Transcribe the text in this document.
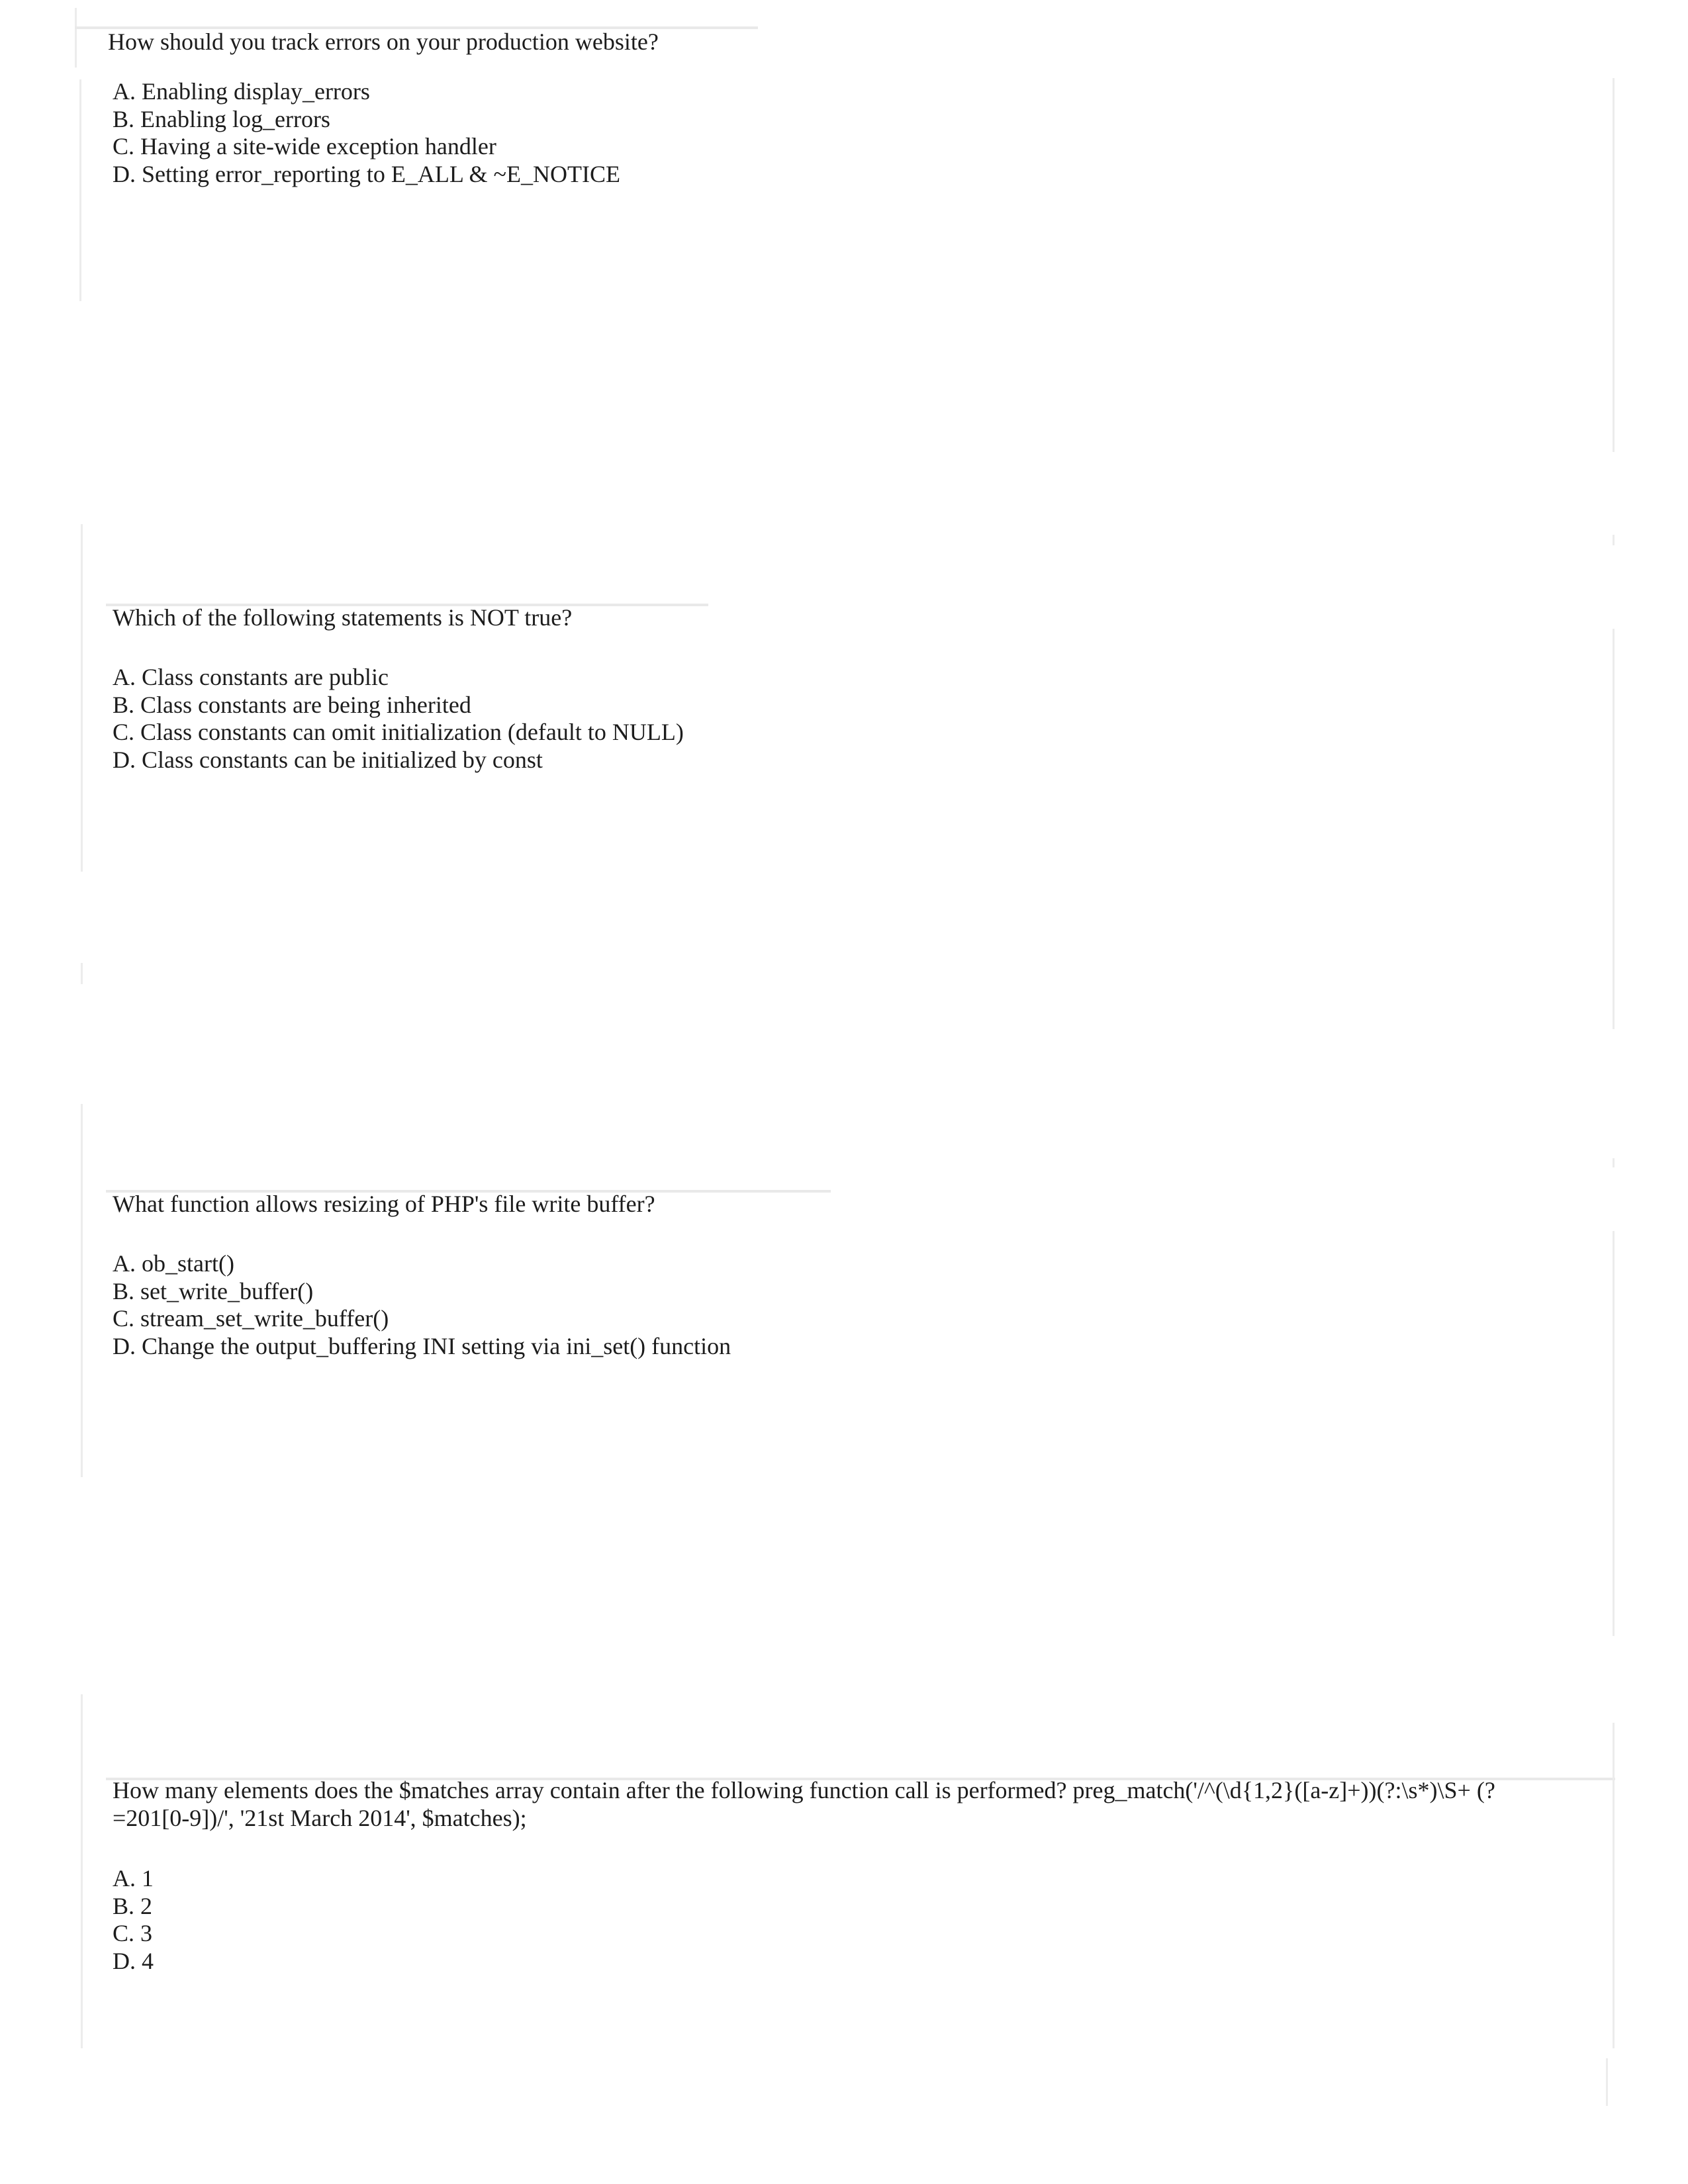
How should you track errors on your production website?

A. Enabling display_errors
B. Enabling log_errors
C. Having a site-wide exception handler
D. Setting error_reporting to E_ALL & ~E_NOTICE

Which of the following statements is NOT true?

A. Class constants are public
B. Class constants are being inherited
C. Class constants can omit initialization (default to NULL)
D. Class constants can be initialized by const

What function allows resizing of PHP's file write buffer?

A. ob_start()
B. set_write_buffer()
C. stream_set_write_buffer()
D. Change the output_buffering INI setting via ini_set() function
How many elements does the $matches array contain after the following function call is performed? preg_match('/^(\d{1,2}([a-z]+))(?:\s*)\S+ (?
=201[0-9])/', '21st March 2014', $matches);
A. 1
B. 2
C. 3
D. 4
